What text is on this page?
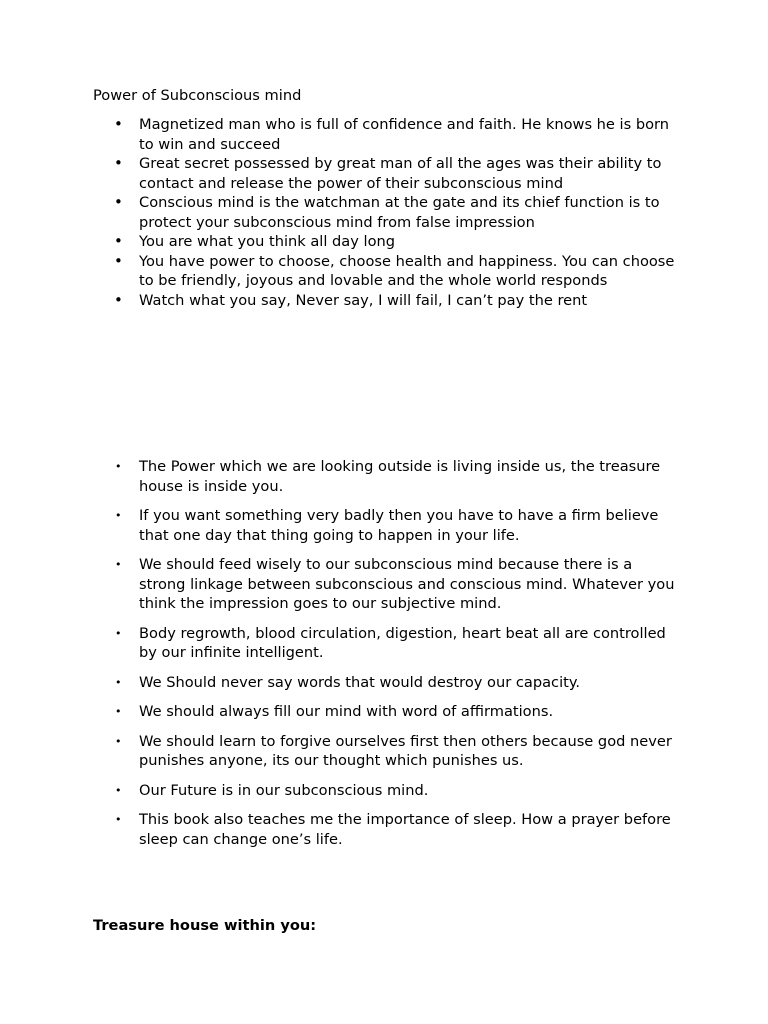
Power of Subconscious mind
• Magnetized man who is full of confidence and faith. He knows he is born to win and succeed
• Great secret possessed by great man of all the ages was their ability to contact and release the power of their subconscious mind
• Conscious mind is the watchman at the gate and its chief function is to protect your subconscious mind from false impression
• You are what you think all day long
• You have power to choose, choose health and happiness. You can choose to be friendly, joyous and lovable and the whole world responds
• Watch what you say, Never say, I will fail, I can’t pay the rent
• The Power which we are looking outside is living inside us, the treasure house is inside you.
• If you want something very badly then you have to have a firm believe that one day that thing going to happen in your life.
• We should feed wisely to our subconscious mind because there is a strong linkage between subconscious and conscious mind. Whatever you think the impression goes to our subjective mind.
• Body regrowth, blood circulation, digestion, heart beat all are controlled by our infinite intelligent.
• We Should never say words that would destroy our capacity.
• We should always fill our mind with word of affirmations.
• We should learn to forgive ourselves first then others because god never punishes anyone, its our thought which punishes us.
• Our Future is in our subconscious mind.
• This book also teaches me the importance of sleep. How a prayer before sleep can change one’s life.
Treasure house within you:
